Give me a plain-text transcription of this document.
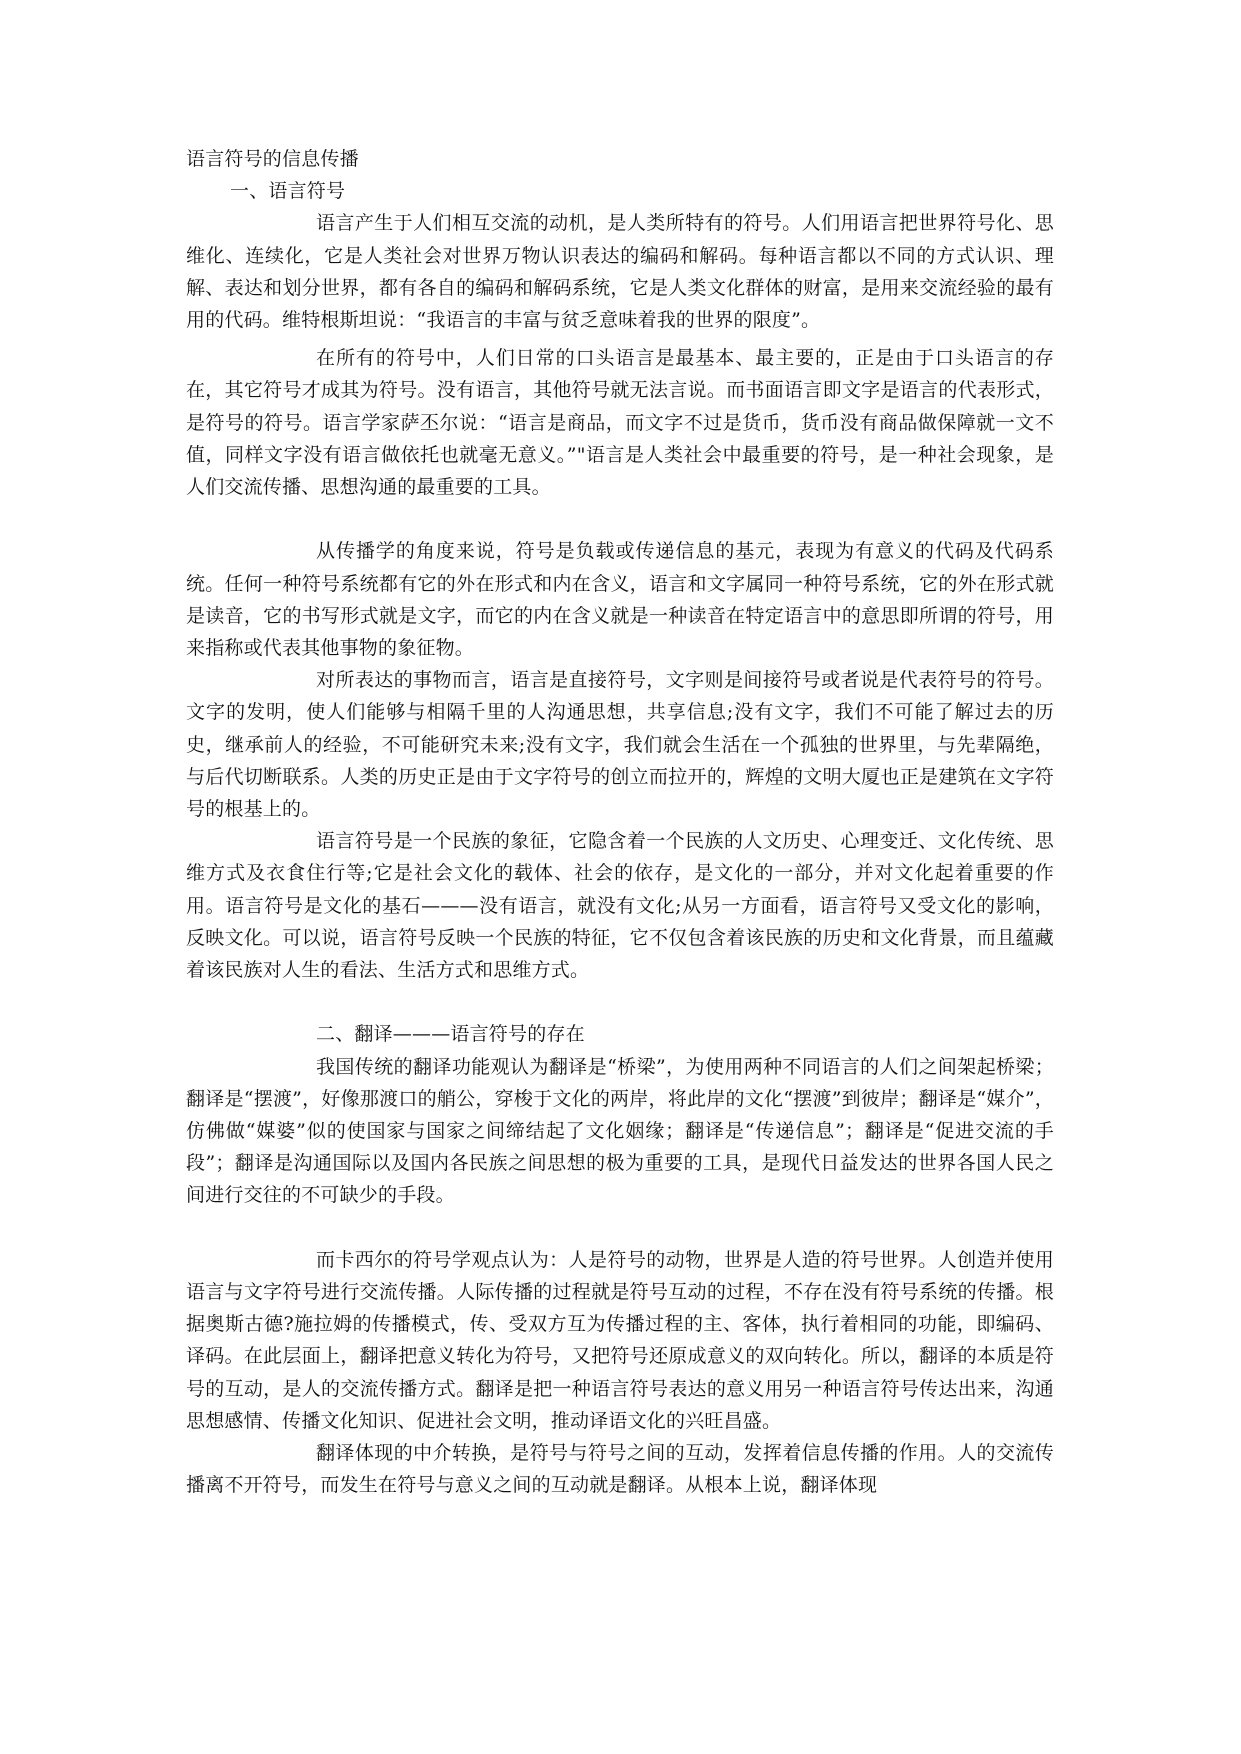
语言符号的信息传播

一、语言符号

语言产生于人们相互交流的动机，是人类所特有的符号。人们用语言把世界符号化、思维化、连续化，它是人类社会对世界万物认识表达的编码和解码。每种语言都以不同的方式认识、理解、表达和划分世界，都有各自的编码和解码系统，它是人类文化群体的财富，是用来交流经验的最有用的代码。维特根斯坦说：“我语言的丰富与贫乏意味着我的世界的限度”。

在所有的符号中，人们日常的口头语言是最基本、最主要的，正是由于口头语言的存在，其它符号才成其为符号。没有语言，其他符号就无法言说。而书面语言即文字是语言的代表形式，是符号的符号。语言学家萨丕尔说：“语言是商品，而文字不过是货币，货币没有商品做保障就一文不值，同样文字没有语言做依托也就毫无意义。”"语言是人类社会中最重要的符号，是一种社会现象，是人们交流传播、思想沟通的最重要的工具。

从传播学的角度来说，符号是负载或传递信息的基元，表现为有意义的代码及代码系统。任何一种符号系统都有它的外在形式和内在含义，语言和文字属同一种符号系统，它的外在形式就是读音，它的书写形式就是文字，而它的内在含义就是一种读音在特定语言中的意思即所谓的符号，用来指称或代表其他事物的象征物。

对所表达的事物而言，语言是直接符号，文字则是间接符号或者说是代表符号的符号。文字的发明，使人们能够与相隔千里的人沟通思想，共享信息;没有文字，我们不可能了解过去的历史，继承前人的经验，不可能研究未来;没有文字，我们就会生活在一个孤独的世界里，与先辈隔绝，与后代切断联系。人类的历史正是由于文字符号的创立而拉开的，辉煌的文明大厦也正是建筑在文字符号的根基上的。

语言符号是一个民族的象征，它隐含着一个民族的人文历史、心理变迁、文化传统、思维方式及衣食住行等;它是社会文化的载体、社会的依存，是文化的一部分，并对文化起着重要的作用。语言符号是文化的基石———没有语言，就没有文化;从另一方面看，语言符号又受文化的影响，反映文化。可以说，语言符号反映一个民族的特征，它不仅包含着该民族的历史和文化背景，而且蕴藏着该民族对人生的看法、生活方式和思维方式。

二、翻译———语言符号的存在

我国传统的翻译功能观认为翻译是“桥梁”，为使用两种不同语言的人们之间架起桥梁；翻译是“摆渡”，好像那渡口的艄公，穿梭于文化的两岸，将此岸的文化“摆渡”到彼岸；翻译是“媒介”，仿佛做“媒婆”似的使国家与国家之间缔结起了文化姻缘；翻译是“传递信息”；翻译是“促进交流的手段”；翻译是沟通国际以及国内各民族之间思想的极为重要的工具，是现代日益发达的世界各国人民之间进行交往的不可缺少的手段。

而卡西尔的符号学观点认为：人是符号的动物，世界是人造的符号世界。人创造并使用语言与文字符号进行交流传播。人际传播的过程就是符号互动的过程，不存在没有符号系统的传播。根据奥斯古德?施拉姆的传播模式，传、受双方互为传播过程的主、客体，执行着相同的功能，即编码、译码。在此层面上，翻译把意义转化为符号，又把符号还原成意义的双向转化。所以，翻译的本质是符号的互动，是人的交流传播方式。翻译是把一种语言符号表达的意义用另一种语言符号传达出来，沟通思想感情、传播文化知识、促进社会文明，推动译语文化的兴旺昌盛。

翻译体现的中介转换，是符号与符号之间的互动，发挥着信息传播的作用。人的交流传播离不开符号，而发生在符号与意义之间的互动就是翻译。从根本上说，翻译体现
